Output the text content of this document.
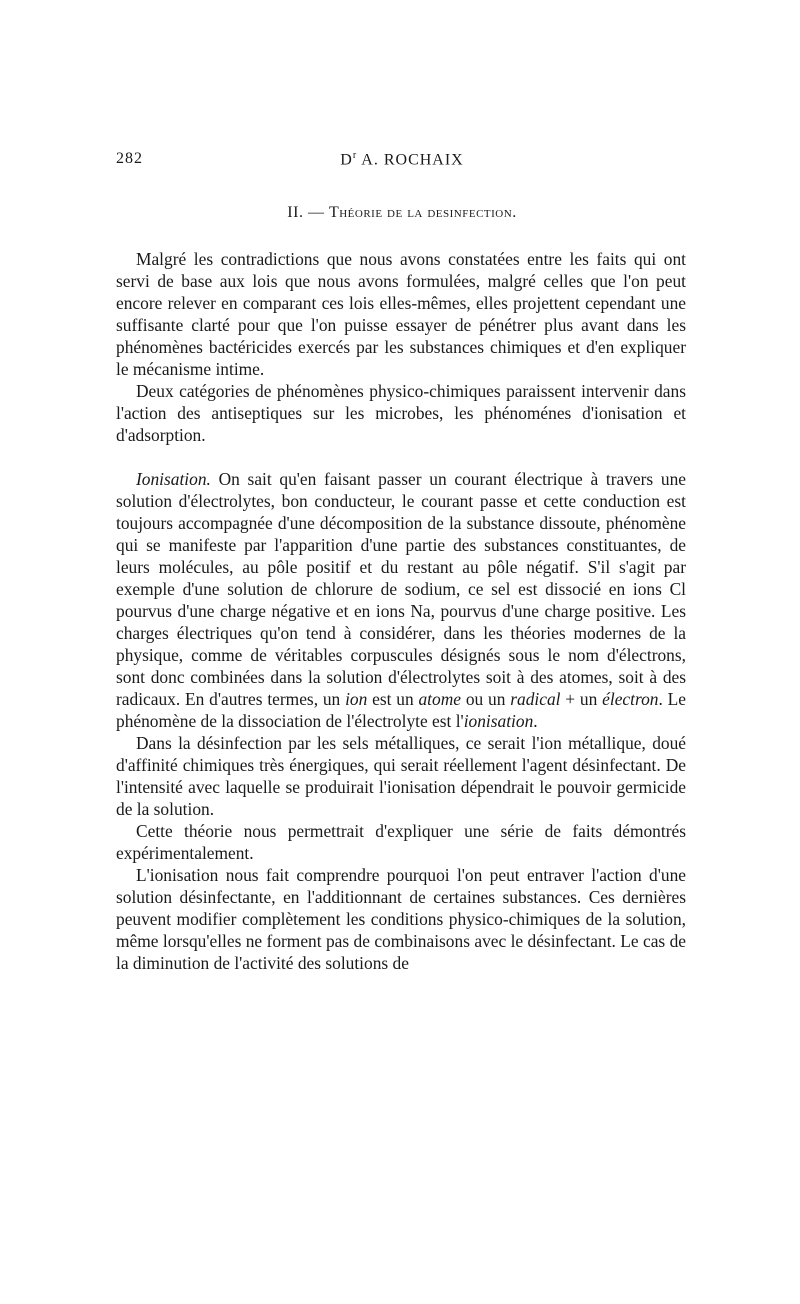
282	$D^r$ A. ROCHAIX
II. — Théorie de la desinfection.

Malgré les contradictions que nous avons constatées entre les faits qui ont servi de base aux lois que nous avons formulées, malgré celles que l'on peut encore relever en comparant ces lois elles-mêmes, elles projettent cependant une suffisante clarté pour que l'on puisse essayer de pénétrer plus avant dans les phénomènes bactéricides exercés par les substances chimiques et d'en expliquer le mécanisme intime.

Deux catégories de phénomènes physico-chimiques paraissent intervenir dans l'action des antiseptiques sur les microbes, les phénoménes d'ionisation et d'adsorption.

Ionisation. On sait qu'en faisant passer un courant électrique à travers une solution d'électrolytes, bon conducteur, le courant passe et cette conduction est toujours accompagnée d'une décomposition de la substance dissoute, phénomène qui se manifeste par l'apparition d'une partie des substances constituantes, de leurs molécules, au pôle positif et du restant au pôle négatif. S'il s'agit par exemple d'une solution de chlorure de sodium, ce sel est dissocié en ions Cl pourvus d'une charge négative et en ions Na, pourvus d'une charge positive. Les charges électriques qu'on tend à considérer, dans les théories modernes de la physique, comme de véritables corpuscules désignés sous le nom d'électrons, sont donc combinées dans la solution d'électrolytes soit à des atomes, soit à des radicaux. En d'autres termes, un ion est un atome ou un radical + un électron. Le phénomène de la dissociation de l'électrolyte est l'ionisation.

Dans la désinfection par les sels métalliques, ce serait l'ion métallique, doué d'affinité chimiques très énergiques, qui serait réellement l'agent désinfectant. De l'intensité avec laquelle se produirait l'ionisation dépendrait le pouvoir germicide de la solution.

Cette théorie nous permettrait d'expliquer une série de faits démontrés expérimentalement.

L'ionisation nous fait comprendre pourquoi l'on peut entraver l'action d'une solution désinfectante, en l'additionnant de certaines substances. Ces dernières peuvent modifier complètement les conditions physico-chimiques de la solution, même lorsqu'elles ne forment pas de combinaisons avec le désinfectant. Le cas de la diminution de l'activité des solutions de
